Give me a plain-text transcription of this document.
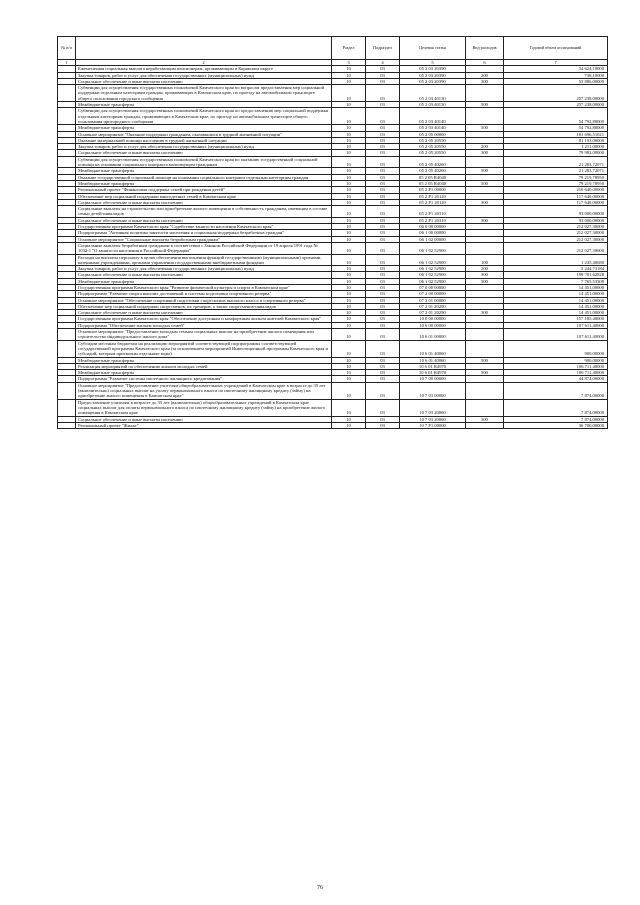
№ п/п		Раздел	Подраздел	Целевая статья	Вид расходов	Годовой объем ассигнований
1	2	3	4	5	6	7
	Ежемесячная социальная выплата неработающим пенсионерам, проживающим в Корякском округе	10	03	05 2 03 20390		54 624,10000
	Закупка товаров, работ и услуг для обеспечения государственных (муниципальных) нужд	10	03	05 2 03 20390	200	738,10000
	Социальное обеспечение и иные выплаты населению	10	03	05 2 03 20390	300	53 886,00000
	Субвенции для осуществления государственных полномочий Камчатского края по вопросам предоставления мер социальной поддержки отдельным категориям граждан, проживающих в Камчатском крае, по проезду на автомобильном транспорте общего пользования городского сообщения	10	03	05 2 03 40130		257 238,00000
	Межбюджетные трансферты	10	03	05 2 03 40130	500	257 238,00000
	Субвенции для осуществления государственных полномочий Камчатского края по предоставлению мер социальной поддержки отдельным категориям граждан, проживающих в Камчатском крае, по проезду на автомобильном транспорте общего пользования пригородного сообщения	10	03	05 2 03 40140		54 792,80000
	Межбюджетные трансферты	10	03	05 2 03 40140	500	54 792,80000
	Основное мероприятие "Оказание поддержки гражданам, оказавшимся в трудной жизненной ситуации"	10	03	05 2 05 00000		181 696,51021
	Оказание материальной помощи населению в трудной жизненной ситуации	10	03	05 2 05 20550		81 193,00000
	Закупка товаров, работ и услуг для обеспечения государственных (муниципальных) нужд	10	03	05 2 05 20550	200	1 211,00000
	Социальное обеспечение и иные выплаты населению	10	03	05 2 05 20550	300	79 982,00000
	Субвенции для осуществления государственных полномочий Камчатского края по оказанию государственной социальной помощи на основании социального контракта малоимущим гражданам	10	03	05 2 05 40260		21 283,72071
	Межбюджетные трансферты	10	03	05 2 05 40260	500	21 283,72071
	Оказание государственной социальной помощи на основании социального контракта отдельным категориям граждан	10	03	05 2 05 R4040		79 219,78950
	Межбюджетные трансферты	10	03	05 2 05 R4040	500	79 219,78950
	Региональный проект "Финансовая поддержка семей при рождении детей"	10	03	05 2 P1 00000		210 640,00000
	Обеспечение мер социальной поддержки многодетных семей в Камчатском крае	10	03	05 2 P1 20120		117 640,00000
	Социальное обеспечение и иные выплаты населению	10	03	05 2 P1 20120	300	117 640,00000
	Социальные выплаты на строительство или приобретение жилого помещения в собственность гражданам, имеющим в составе семьи детей-инвалидов	10	03	05 2 P1 20310		93 000,00000
	Социальное обеспечение и иные выплаты населению	10	03	05 2 P1 20310	300	93 000,00000
	Государственная программа Камчатского края "Содействие занятости населения Камчатского края"	10	03	06 0 00 00000		212 027,30000
	Подпрограмма "Активная политика занятости населения и социальная поддержка безработных граждан"	10	03	06 1 00 00000		212 027,30000
	Основное мероприятие "Социальные выплаты безработным гражданам"	10	03	06 1 02 00000		212 027,30000
	Социальные выплаты безработным гражданам в соответствии с Законом Российской Федерации от 19 апреля 1991 года № 1032-1 "О занятости населения в Российской Федерации"	10	03	06 1 02 52900		212 027,30000
	Расходы на выплаты персоналу в целях обеспечения выполнения функций государственными (муниципальными) органами, казенными учреждениями, органами управления государственными внебюджетными фондами	10	03	06 1 02 52900	100	1 235,40680
	Закупка товаров, работ и услуг для обеспечения государственных (муниципальных) нужд	10	03	06 1 02 52900	200	3 244,73184
	Социальное обеспечение и иные выплаты населению	10	03	06 1 02 52900	300	199 781,62828
	Межбюджетные трансферты	10	03	06 1 02 52900	500	7 765,53308
	Государственная программа Камчатского края "Развитие физической культуры и спорта в Камчатском крае"	10	03	07 0 00 00000		14 451,00000
	Подпрограмма "Развитие спорта высших достижений и системы подготовки спортивного резерва"	10	03	07 2 00 00000		14 451,00000
	Основное мероприятие "Обеспечение спортивной подготовки спортсменов высокого класса и спортивного резерва"	10	03	07 2 01 00000		14 451,00000
	Обеспечение мер социальной поддержки спортсменов, их тренеров, а также спортсменов-инвалидов	10	03	07 2 01 20290		14 451,00000
	Социальное обеспечение и иные выплаты населению	10	03	07 2 01 20290	300	14 451,00000
	Государственная программа Камчатского края "Обеспечение доступным и комфортным жильем жителей Камчатского края"	10	03	10 0 00 00000		157 185,40000
	Подпрограмма "Обеспечение жильем молодых семей"	10	03	10 6 00 00000		107 611,40000
	Основное мероприятие "Предоставление молодым семьям социальных выплат на приобретение жилого помещения или строительство индивидуального жилого дома"	10	03	10 6 01 00000		107 611,40000
	Субсидии местным бюджетам на реализацию мероприятий соответствующей подпрограммы соответствующей государственной программы Камчатского края (за исключением мероприятий Инвестиционной программы Камчатского края и субсидий, которым присвоены отдельные коды)	10	03	10 6 01 40060		900,00000
	Межбюджетные трансферты	10	03	10 6 01 40060	500	900,00000
	Реализация мероприятий по обеспечению жильем молодых семей	10	03	10 6 01 R4970		106 711,40000
	Межбюджетные трансферты	10	03	10 6 01 R4970	500	106 711,40000
	Подпрограмма "Развитие системы ипотечного жилищного кредитования"	10	03	10 7 00 00000		44 874,00000
	Основное мероприятие "Предоставление учителям общеобразовательных учреждений в Камчатском крае в возрасте до 35 лет (включительно) социальных выплат на уплату первоначального взноса по ипотечному жилищному кредиту (займу) на приобретение жилого помещения в Камчатском крае"	10	03	10 7 03 00000		7 874,00000
	Предоставление учителям в возрасте до 35 лет (включительно) общеобразовательных учреждений в Камчатском крае социальных выплат для оплаты первоначального взноса по ипотечному жилищному кредиту (займу) на приобретение жилого помещения в Камчатском крае	10	03	10 7 03 20060		7 874,00000
	Социальное обеспечение и иные выплаты населению	10	03	10 7 03 20060	300	7 874,00000
	Региональный проект "Жилье"	10	03	10 7 F1 00000		36 700,00000
76
